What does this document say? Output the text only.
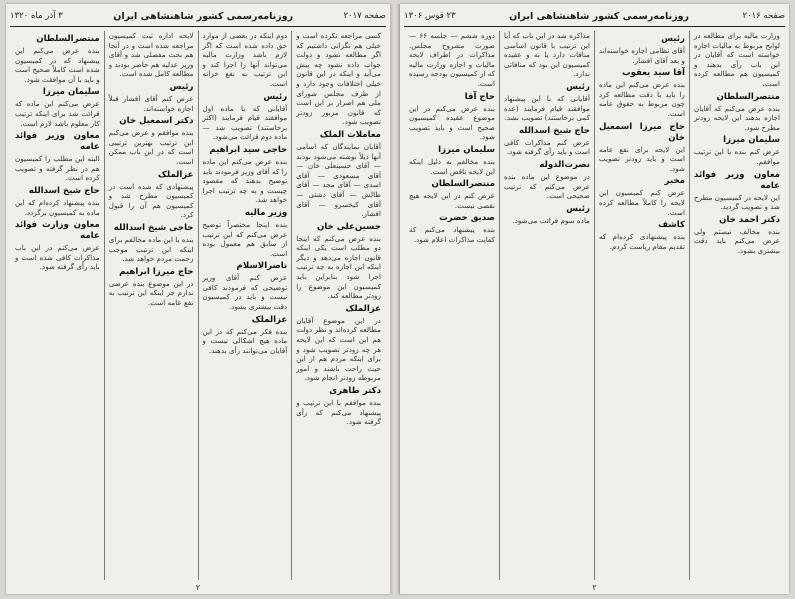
صفحه ۲۰۱۷
روزنامه‌رسمی کشور شاهنشاهی ایران
۳ آذر ماه ۱۳۲۰

کسی مراجعه نکرده است و خیلی هم نگرانی داشتیم که اگر مطالعه نشود و دولت جواب داده نشود چه پیش می‌آید و اینکه در این قانون خیلی اختلافات وجود دارد و از طرف مجلس شورای ملی هم اصرار بر این است که قانون مزبور زودتر تصویب شود.

معاملات الملک

آقایان نمایندگان که اسامی آنها ذیلاً نوشته می‌شود بودند — آقای حسینعلی خان — آقای مسعودی — آقای اسدی — آقای مجد — آقای طالش — آقای دشتی — آقای کیخسرو — آقای افشار.

حسین‌علی خان

بنده عرض می‌کنم که اینجا دو مطلب است یکی اینکه قانون اجازه می‌دهد و دیگر اینکه این اجازه به چه ترتیب اجرا شود بنابراین باید کمیسیون این موضوع را زودتر مطالعه کند.

عزالملک

در این موضوع آقایان مطالعه کرده‌اند و نظر دولت هم این است که این لایحه هر چه زودتر تصویب شود و برای اینکه مردم هم از این حیث راحت باشند و امور مربوطه زودتر انجام شود.

دکتر طاهری

بنده موافقم با این ترتیب و پیشنهاد می‌کنم که رأی گرفته شود.

دوم اینکه در بعضی از موارد حق داده شده است که اگر لازم باشد وزارت مالیه می‌تواند آنها را اجرا کند و این ترتیب به نفع خزانه است.

رئیس

آقایانی که با ماده اول موافقند قیام فرمایند (اکثر برخاستند) تصویب شد — ماده دوم قرائت می‌شود.

حاجی سید ابراهیم

بنده عرض می‌کنم این ماده را که آقای وزیر فرمودند باید توضیح بدهند که مقصود چیست و به چه ترتیب اجرا خواهد شد.

وزیر مالیه

بنده اینجا مختصراً توضیح عرض می‌کنم که این ترتیب از سابق هم معمول بوده است.

ناصرالاسلام

عرض کنم آقای وزیر توضیحی که فرمودند کافی نیست و باید در کمیسیون دقت بیشتری بشود.

عزالملک

بنده فکر می‌کنم که در این ماده هیچ اشکالی نیست و آقایان می‌توانند رأی بدهند.

لایحه اداره ثبت کمیسیون مراجعه شده است و در آنجا هم بحث مفصلی شد و آقای وزیر عدلیه هم حاضر بودند و مطالعه کامل شده است.

رئیس

عرض کنم آقای افشار قبلاً اجازه خواسته‌اند.

دکتر اسمعیل خان

بنده موافقم و عرض می‌کنم این ترتیب بهترین ترتیبی است که در این باب ممکن است.

عزالملک

پیشنهادی که شده است در کمیسیون مطرح شد و کمیسیون هم آن را قبول کرد.

حاجی شیخ اسدالله

بنده با این ماده مخالفم برای اینکه این ترتیب موجب زحمت مردم خواهد شد.

حاج میرزا ابراهیم

در این موضوع بنده عرضی ندارم جز اینکه این ترتیب به نفع عامه است.

منتصرالسلطان

بنده عرض می‌کنم این پیشنهاد که در کمیسیون شده است کاملاً صحیح است و باید با آن موافقت شود.

سلیمان میرزا

عرض می‌کنم این ماده که قرائت شد برای اینکه ترتیب کار معلوم باشد لازم است.

معاون وزیر فوائد عامه

البته این مطلب را کمیسیون هم در نظر گرفته و تصویب کرده است.

حاج شیخ اسدالله

بنده پیشنهاد کرده‌ام که این ماده به کمیسیون برگردد.

معاون وزارت فوائد عامه

عرض می‌کنم در این باب مذاکرات کافی شده است و باید رأی گرفته شود.

۲
صفحه ۲۰۱۶
روزنامه‌رسمی کشور شاهنشاهی ایران
۲۳ قوس ۱۳۰۶

وزارت مالیه برای مطالعه در لوایح مربوط به مالیات اجازه خواسته است که آقایان در این باب رأی بدهند و کمیسیون هم مطالعه کرده است.

منتصرالسلطان

بنده عرض می‌کنم که آقایان اجازه بدهند این لایحه زودتر مطرح شود.

سلیمان میرزا

عرض کنم بنده با این ترتیب موافقم.

معاون وزیر فوائد عامه

این لایحه در کمیسیون مطرح شد و تصویب گردید.

دکتر احمد خان

بنده مخالف نیستم ولی عرض می‌کنم باید دقت بیشتری بشود.

رئیس

آقای نظامی اجازه خواسته‌اند و بعد آقای افشار.

آقا سید یعقوب

بنده عرض می‌کنم این ماده را باید با دقت مطالعه کرد چون مربوط به حقوق عامه است.

حاج میرزا اسمعیل خان

این لایحه برای نفع عامه است و باید زودتر تصویب شود.

مخبر

عرض کنم کمیسیون این لایحه را کاملاً مطالعه کرده است.

کاشف

بنده پیشنهادی کرده‌ام که تقدیم مقام ریاست کردم.

مذاکره شد در این باب که آیا این ترتیب با قانون اساسی منافات دارد یا نه و عقیده کمیسیون این بود که منافاتی ندارد.

رئیس

آقایانی که با این پیشنهاد موافقند قیام فرمایند (عده کمی برخاستند) تصویب نشد.

حاج شیخ اسدالله

عرض کنم مذاکرات کافی است و باید رأی گرفته شود.

نصرت‌الدوله

در موضوع این ماده بنده عرض می‌کنم که ترتیب صحیحی است.

رئیس

ماده سوم قرائت می‌شود.

دوره ششم — جلسه ۶۶ — صورت مشروح مجلس. مذاکرات در اطراف لایحه مالیات و اجازه وزارت مالیه که از کمیسیون بودجه رسیده است.

حاج آقا

بنده عرض می‌کنم در این موضوع عقیده کمیسیون صحیح است و باید تصویب شود.

سلیمان میرزا

بنده مخالفم به دلیل اینکه این لایحه ناقص است.

منتصرالسلطان

عرض کنم در این لایحه هیچ نقصی نیست.

صدیق حضرت

بنده پیشنهاد می‌کنم که کفایت مذاکرات اعلام شود.

۲
